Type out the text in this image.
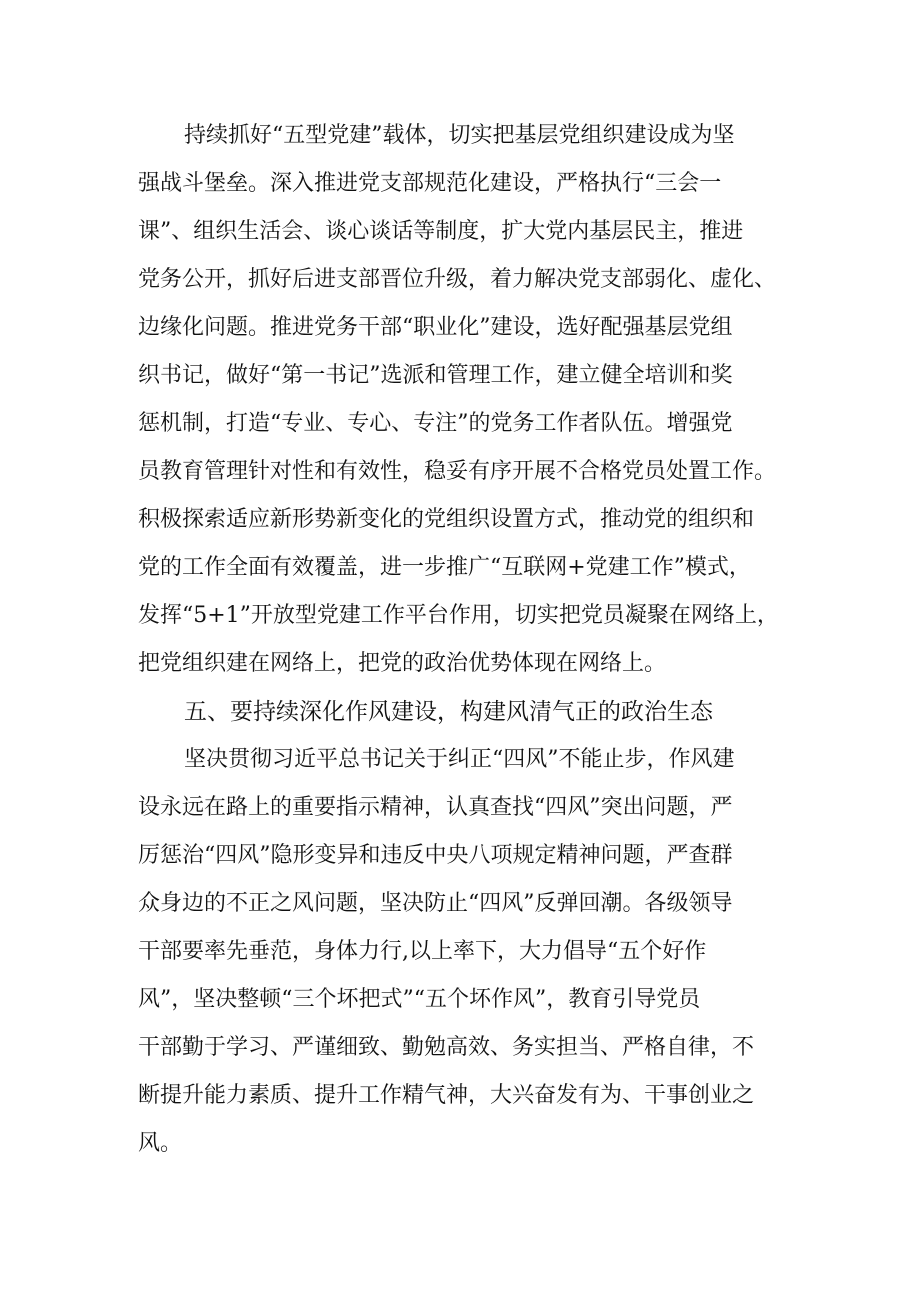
持续抓好“五型党建”载体，切实把基层党组织建设成为坚
强战斗堡垒。深入推进党支部规范化建设，严格执行“三会一
课”、组织生活会、谈心谈话等制度，扩大党内基层民主，推进
党务公开，抓好后进支部晋位升级，着力解决党支部弱化、虚化、
边缘化问题。推进党务干部“职业化”建设，选好配强基层党组
织书记，做好“第一书记”选派和管理工作，建立健全培训和奖
惩机制，打造“专业、专心、专注”的党务工作者队伍。增强党
员教育管理针对性和有效性，稳妥有序开展不合格党员处置工作。
积极探索适应新形势新变化的党组织设置方式，推动党的组织和
党的工作全面有效覆盖，进一步推广“互联网+党建工作”模式，
发挥“5+1”开放型党建工作平台作用，切实把党员凝聚在网络上，
把党组织建在网络上，把党的政治优势体现在网络上。
五、要持续深化作风建设，构建风清气正的政治生态
坚决贯彻习近平总书记关于纠正“四风”不能止步，作风建
设永远在路上的重要指示精神，认真查找“四风”突出问题，严
厉惩治“四风”隐形变异和违反中央八项规定精神问题，严查群
众身边的不正之风问题，坚决防止“四风”反弹回潮。各级领导
干部要率先垂范，身体力行,以上率下，大力倡导“五个好作
风”，坚决整顿“三个坏把式”“五个坏作风”，教育引导党员
干部勤于学习、严谨细致、勤勉高效、务实担当、严格自律，不
断提升能力素质、提升工作精气神，大兴奋发有为、干事创业之
风。
